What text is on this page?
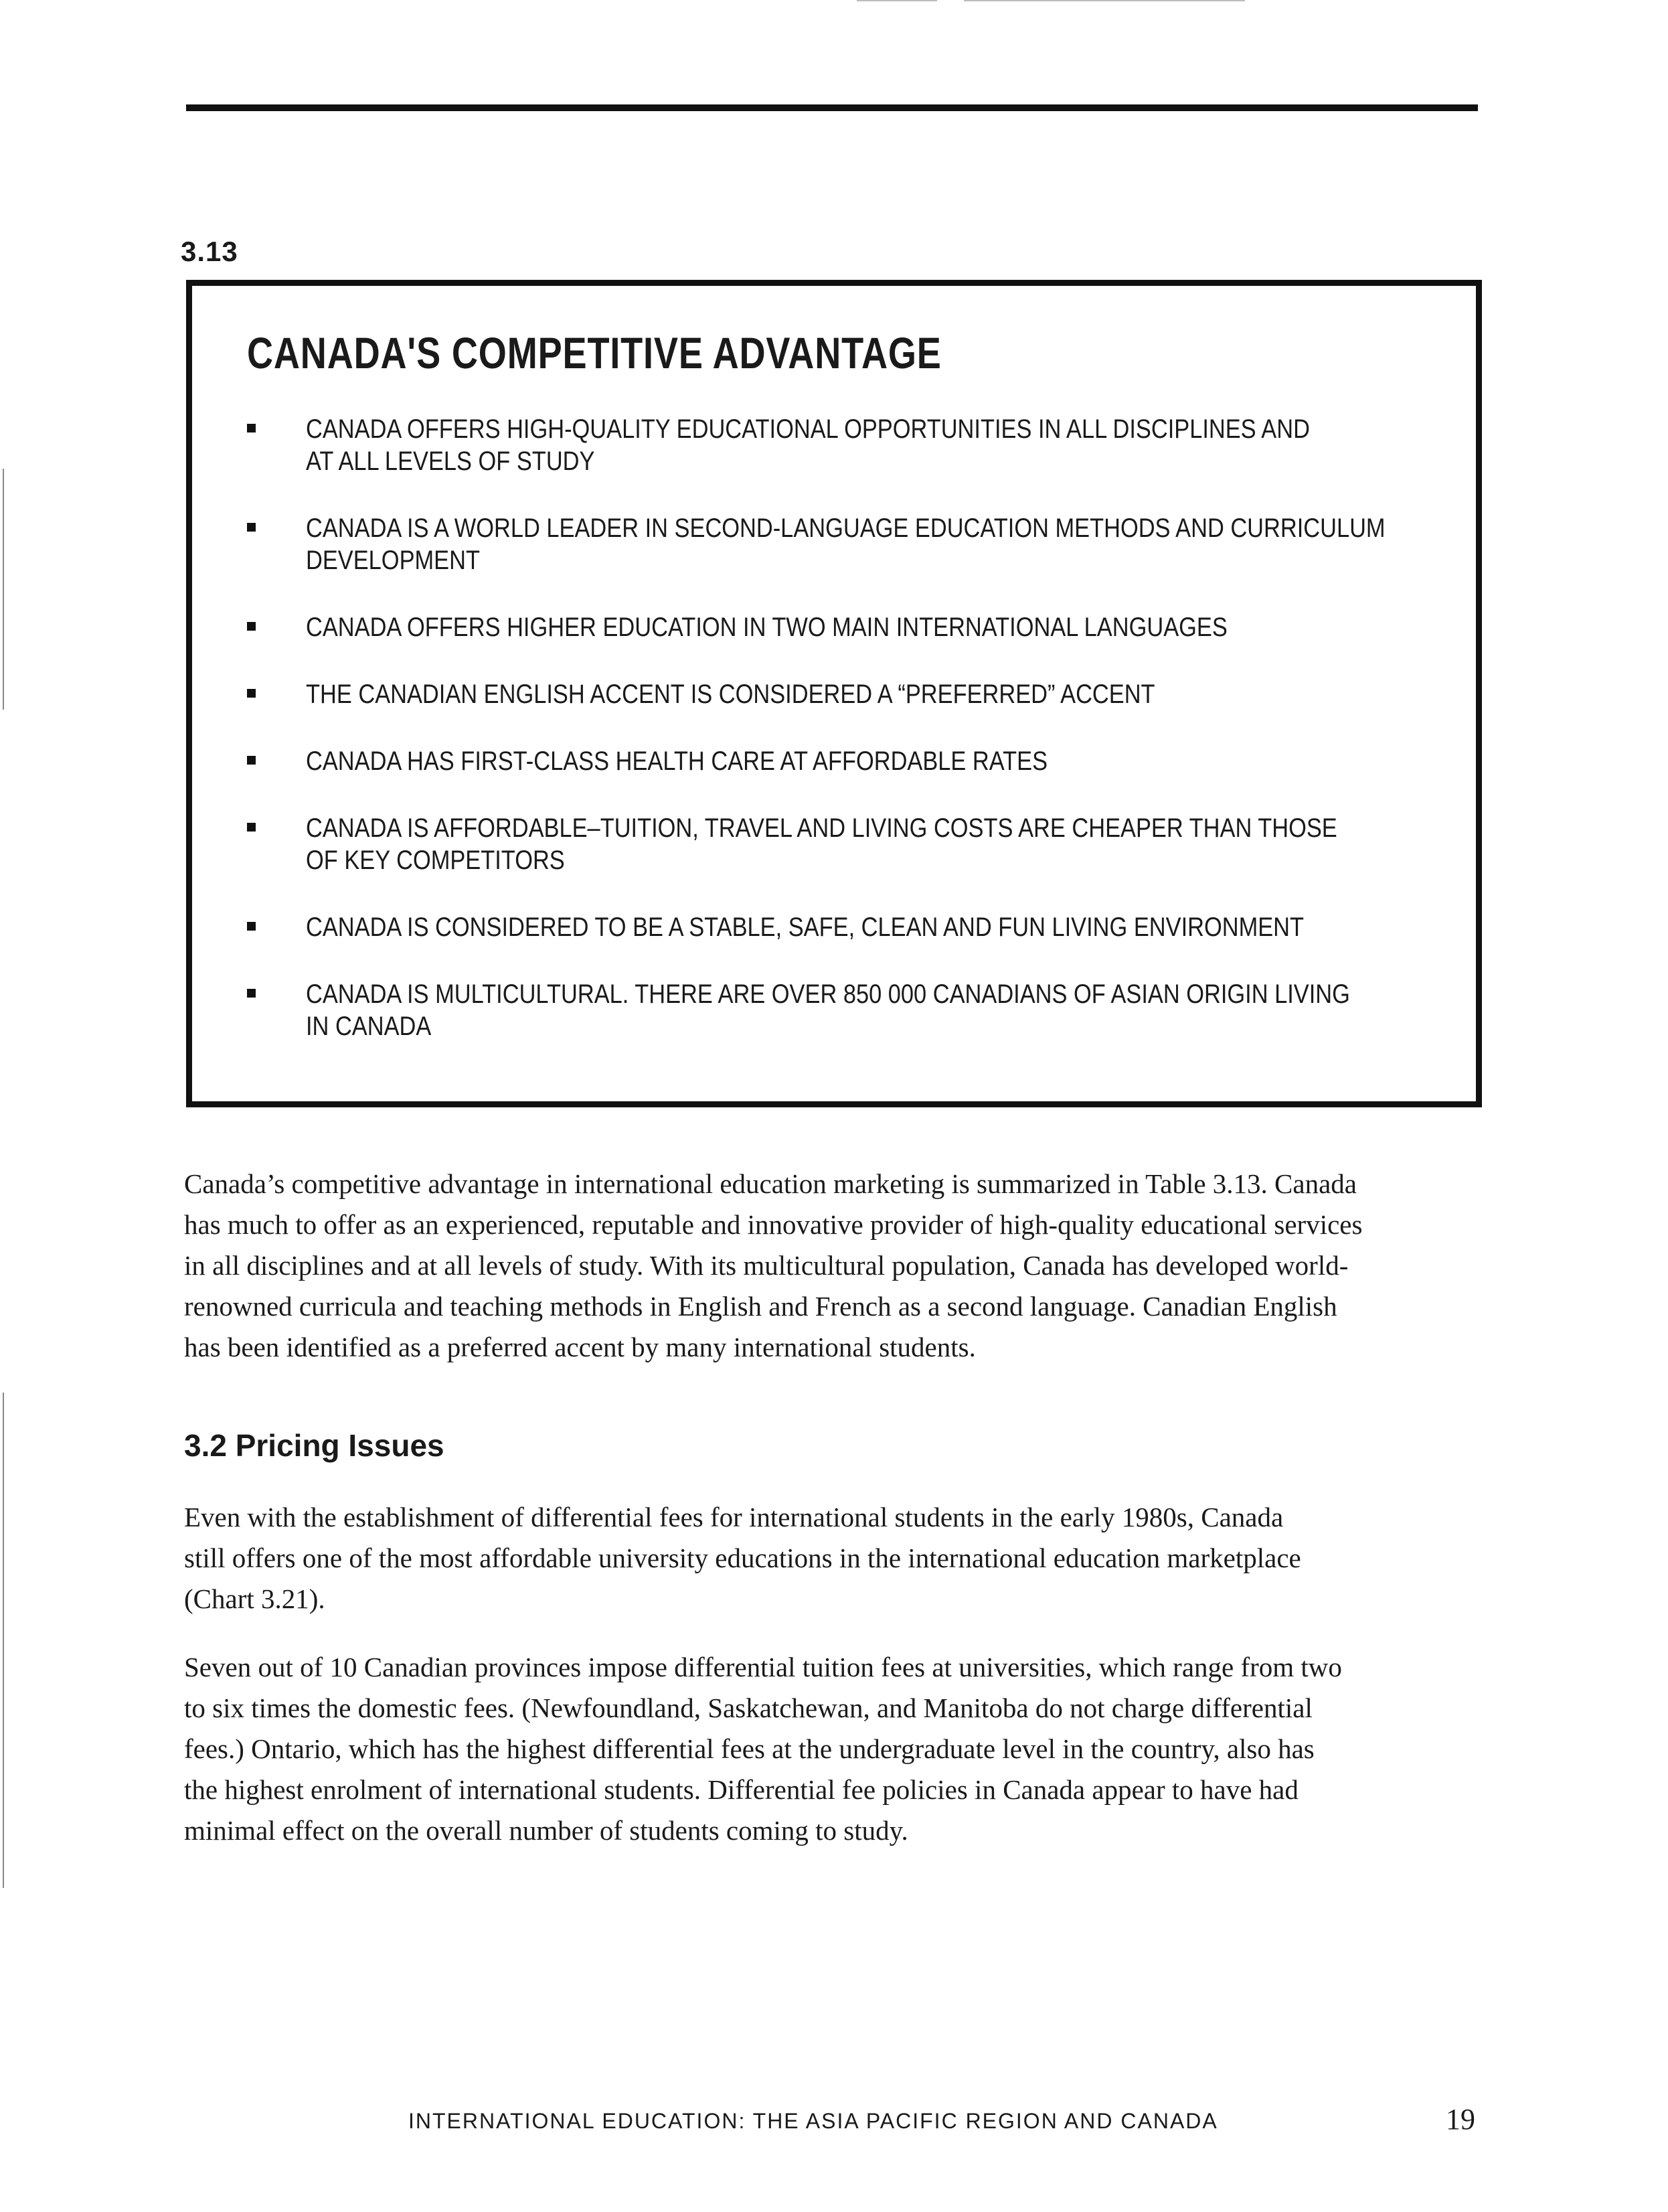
3.13
CANADA'S COMPETITIVE ADVANTAGE
CANADA OFFERS HIGH-QUALITY EDUCATIONAL OPPORTUNITIES IN ALL DISCIPLINES AND
AT ALL LEVELS OF STUDY
CANADA IS A WORLD LEADER IN SECOND-LANGUAGE EDUCATION METHODS AND CURRICULUM
DEVELOPMENT
CANADA OFFERS HIGHER EDUCATION IN TWO MAIN INTERNATIONAL LANGUAGES
THE CANADIAN ENGLISH ACCENT IS CONSIDERED A “PREFERRED” ACCENT
CANADA HAS FIRST-CLASS HEALTH CARE AT AFFORDABLE RATES
CANADA IS AFFORDABLE–TUITION, TRAVEL AND LIVING COSTS ARE CHEAPER THAN THOSE
OF KEY COMPETITORS
CANADA IS CONSIDERED TO BE A STABLE, SAFE, CLEAN AND FUN LIVING ENVIRONMENT
CANADA IS MULTICULTURAL. THERE ARE OVER 850 000 CANADIANS OF ASIAN ORIGIN LIVING
IN CANADA
Canada’s competitive advantage in international education marketing is summarized in Table 3.13. Canada
has much to offer as an experienced, reputable and innovative provider of high-quality educational services
in all disciplines and at all levels of study. With its multicultural population, Canada has developed world-
renowned curricula and teaching methods in English and French as a second language. Canadian English
has been identified as a preferred accent by many international students.
3.2 Pricing Issues
Even with the establishment of differential fees for international students in the early 1980s, Canada
still offers one of the most affordable university educations in the international education marketplace
(Chart 3.21).
Seven out of 10 Canadian provinces impose differential tuition fees at universities, which range from two
to six times the domestic fees. (Newfoundland, Saskatchewan, and Manitoba do not charge differential
fees.) Ontario, which has the highest differential fees at the undergraduate level in the country, also has
the highest enrolment of international students. Differential fee policies in Canada appear to have had
minimal effect on the overall number of students coming to study.
INTERNATIONAL EDUCATION: THE ASIA PACIFIC REGION AND CANADA	19
